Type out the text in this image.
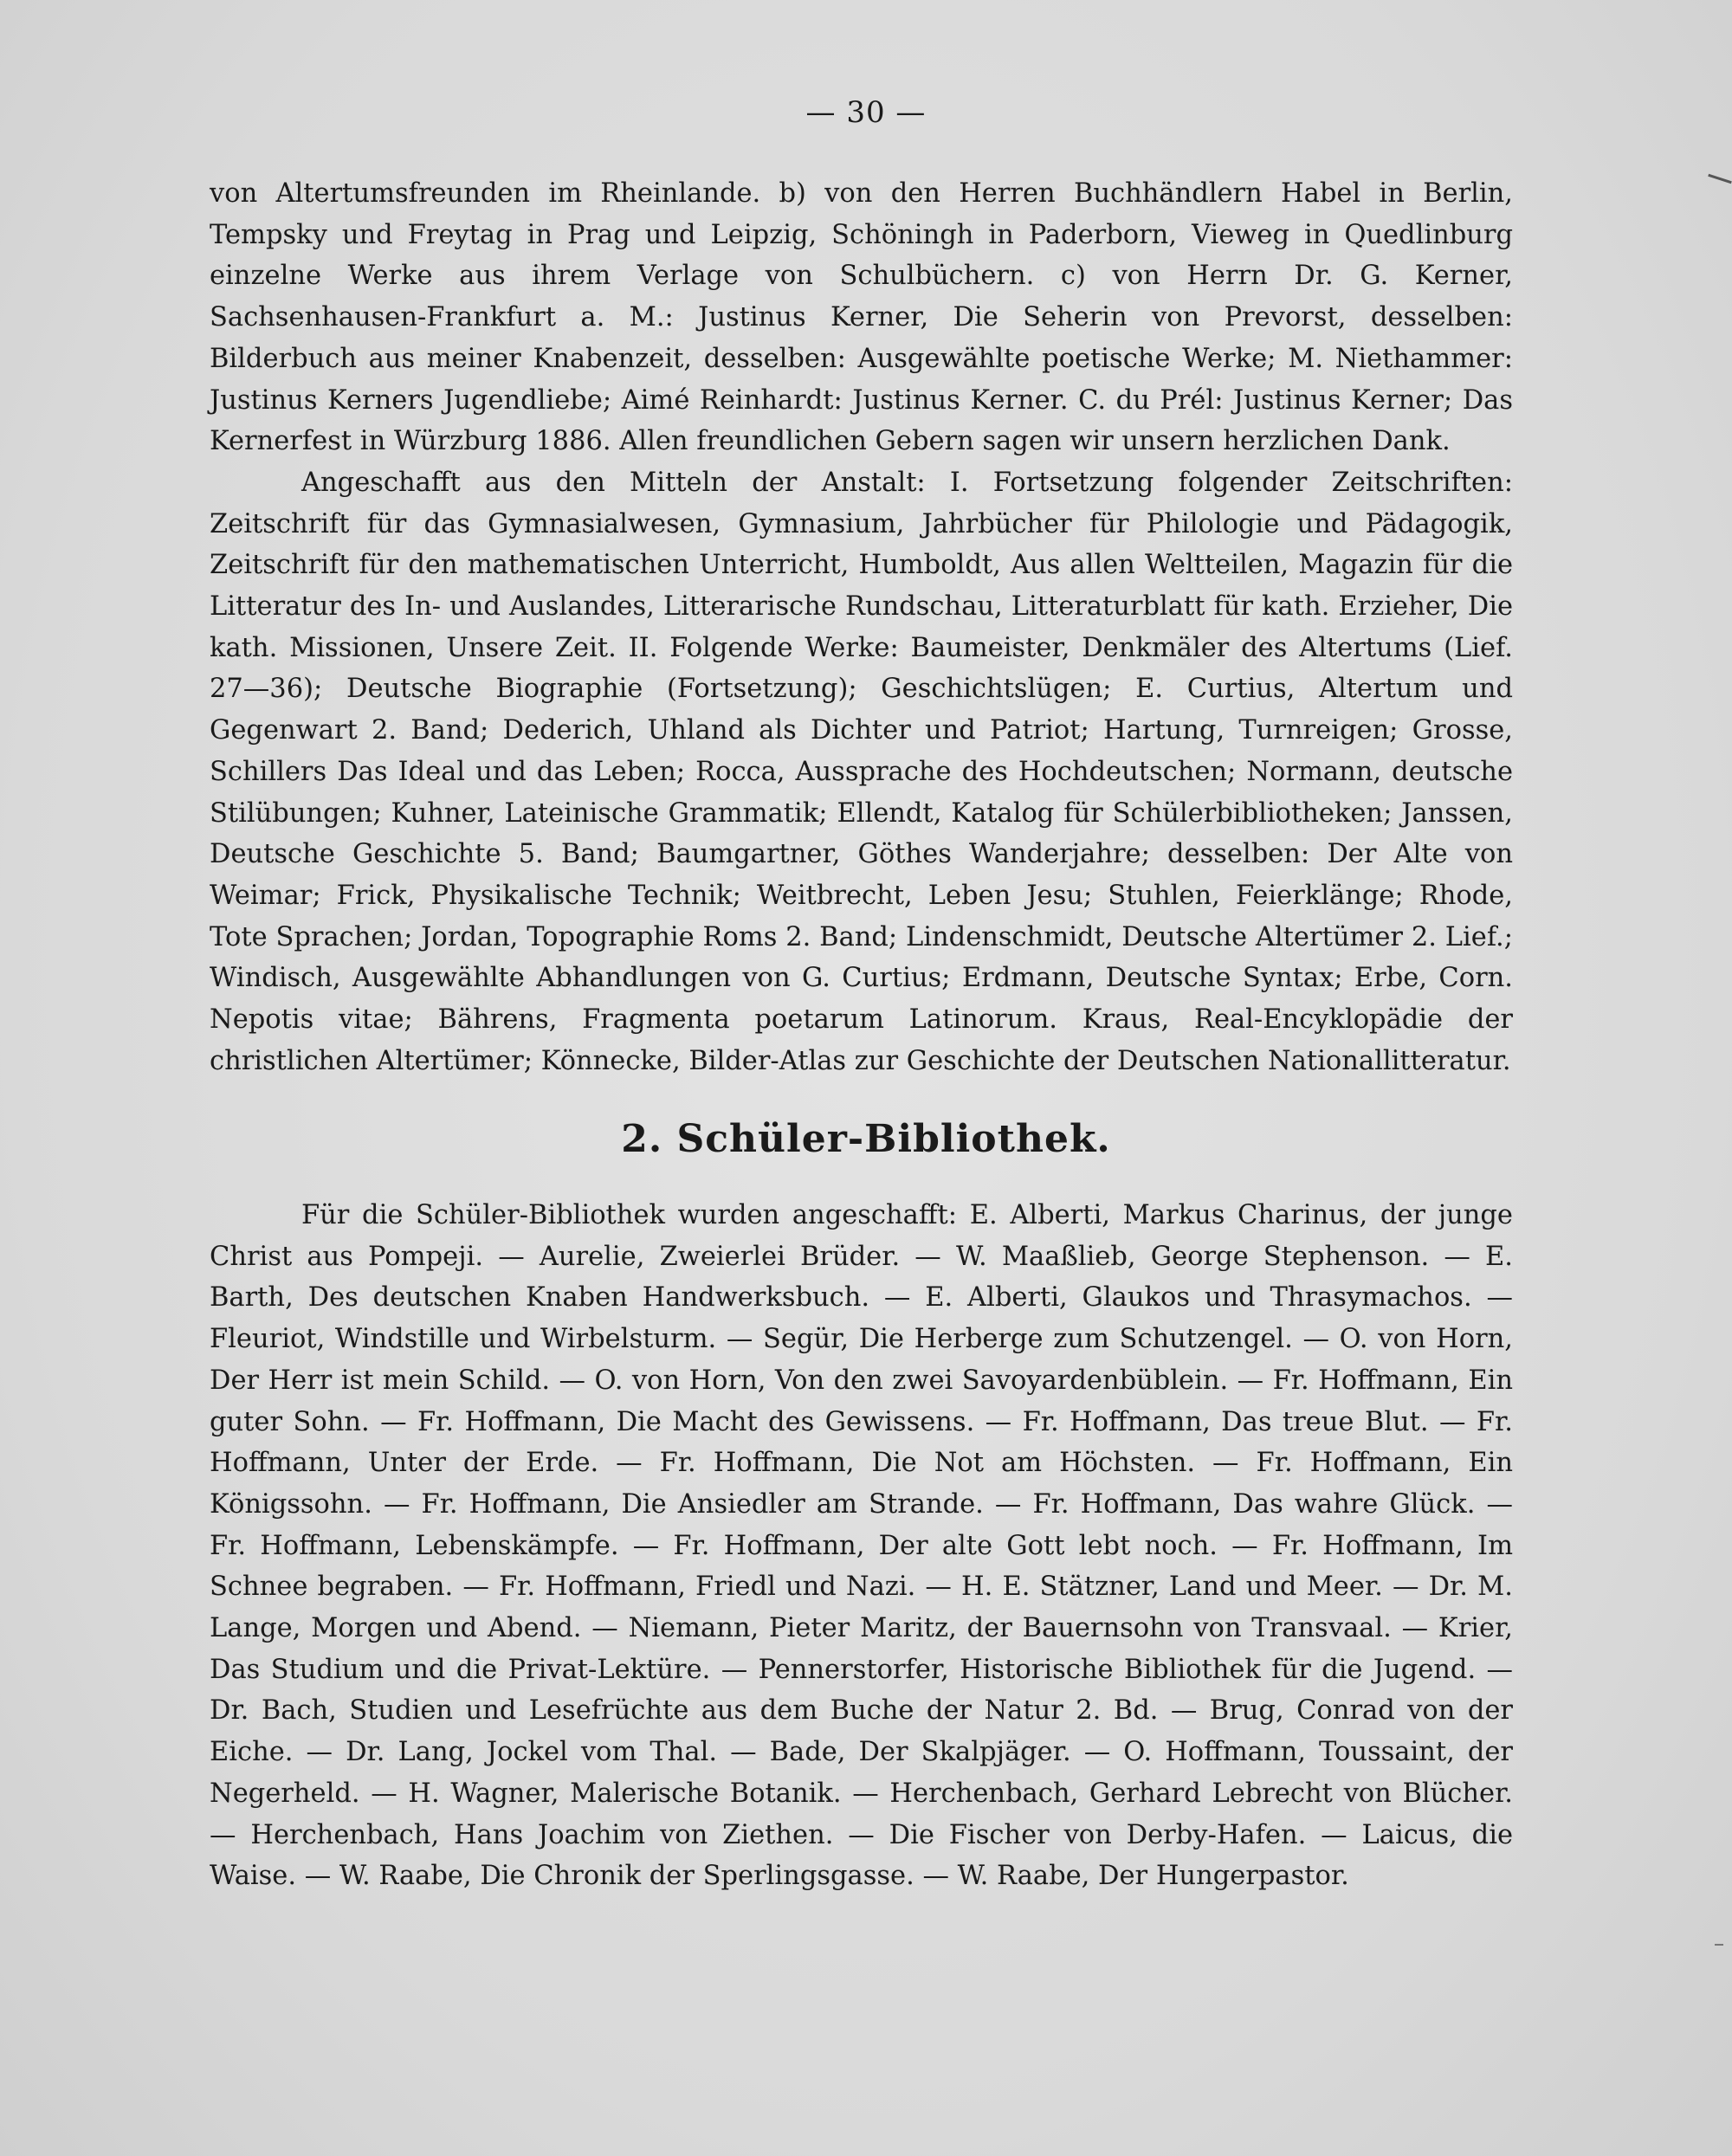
— 30 —

von Altertumsfreunden im Rheinlande. b) von den Herren Buchhändlern Habel in Berlin, Tempsky und Freytag in Prag und Leipzig, Schöningh in Paderborn, Vieweg in Quedlinburg einzelne Werke aus ihrem Verlage von Schulbüchern. c) von Herrn Dr. G. Kerner, Sachsenhausen-Frankfurt a. M.: Justinus Kerner, Die Seherin von Prevorst, desselben: Bilderbuch aus meiner Knabenzeit, desselben: Ausgewählte poetische Werke; M. Niethammer: Justinus Kerners Jugendliebe; Aimé Reinhardt: Justinus Kerner. C. du Prél: Justinus Kerner; Das Kernerfest in Würzburg 1886. Allen freundlichen Gebern sagen wir unsern herzlichen Dank.

Angeschafft aus den Mitteln der Anstalt: I. Fortsetzung folgender Zeitschriften: Zeitschrift für das Gymnasialwesen, Gymnasium, Jahrbücher für Philologie und Pädagogik, Zeitschrift für den mathematischen Unterricht, Humboldt, Aus allen Weltteilen, Magazin für die Litteratur des In- und Auslandes, Litterarische Rundschau, Litteraturblatt für kath. Erzieher, Die kath. Missionen, Unsere Zeit. II. Folgende Werke: Baumeister, Denkmäler des Altertums (Lief. 27—36); Deutsche Biographie (Fortsetzung); Geschichtslügen; E. Curtius, Altertum und Gegenwart 2. Band; Dederich, Uhland als Dichter und Patriot; Hartung, Turnreigen; Grosse, Schillers Das Ideal und das Leben; Rocca, Aussprache des Hochdeutschen; Normann, deutsche Stilübungen; Kuhner, Lateinische Grammatik; Ellendt, Katalog für Schülerbibliotheken; Janssen, Deutsche Geschichte 5. Band; Baumgartner, Göthes Wanderjahre; desselben: Der Alte von Weimar; Frick, Physikalische Technik; Weitbrecht, Leben Jesu; Stuhlen, Feierklänge; Rhode, Tote Sprachen; Jordan, Topographie Roms 2. Band; Lindenschmidt, Deutsche Altertümer 2. Lief.; Windisch, Ausgewählte Abhandlungen von G. Curtius; Erdmann, Deutsche Syntax; Erbe, Corn. Nepotis vitae; Bährens, Fragmenta poetarum Latinorum. Kraus, Real-Encyklopädie der christlichen Altertümer; Könnecke, Bilder-Atlas zur Geschichte der Deutschen Nationallitteratur.

2. Schüler-Bibliothek.

Für die Schüler-Bibliothek wurden angeschafft: E. Alberti, Markus Charinus, der junge Christ aus Pompeji. — Aurelie, Zweierlei Brüder. — W. Maaßlieb, George Stephenson. — E. Barth, Des deutschen Knaben Handwerksbuch. — E. Alberti, Glaukos und Thrasymachos. — Fleuriot, Windstille und Wirbelsturm. — Segür, Die Herberge zum Schutzengel. — O. von Horn, Der Herr ist mein Schild. — O. von Horn, Von den zwei Savoyardenbüblein. — Fr. Hoffmann, Ein guter Sohn. — Fr. Hoffmann, Die Macht des Gewissens. — Fr. Hoffmann, Das treue Blut. — Fr. Hoffmann, Unter der Erde. — Fr. Hoffmann, Die Not am Höchsten. — Fr. Hoffmann, Ein Königssohn. — Fr. Hoffmann, Die Ansiedler am Strande. — Fr. Hoffmann, Das wahre Glück. — Fr. Hoffmann, Lebenskämpfe. — Fr. Hoffmann, Der alte Gott lebt noch. — Fr. Hoffmann, Im Schnee begraben. — Fr. Hoffmann, Friedl und Nazi. — H. E. Stätzner, Land und Meer. — Dr. M. Lange, Morgen und Abend. — Niemann, Pieter Maritz, der Bauernsohn von Transvaal. — Krier, Das Studium und die Privat-Lektüre. — Pennerstorfer, Historische Bibliothek für die Jugend. — Dr. Bach, Studien und Lesefrüchte aus dem Buche der Natur 2. Bd. — Brug, Conrad von der Eiche. — Dr. Lang, Jockel vom Thal. — Bade, Der Skalpjäger. — O. Hoffmann, Toussaint, der Negerheld. — H. Wagner, Malerische Botanik. — Herchenbach, Gerhard Lebrecht von Blücher. — Herchenbach, Hans Joachim von Ziethen. — Die Fischer von Derby-Hafen. — Laicus, die Waise. — W. Raabe, Die Chronik der Sperlingsgasse. — W. Raabe, Der Hungerpastor.
